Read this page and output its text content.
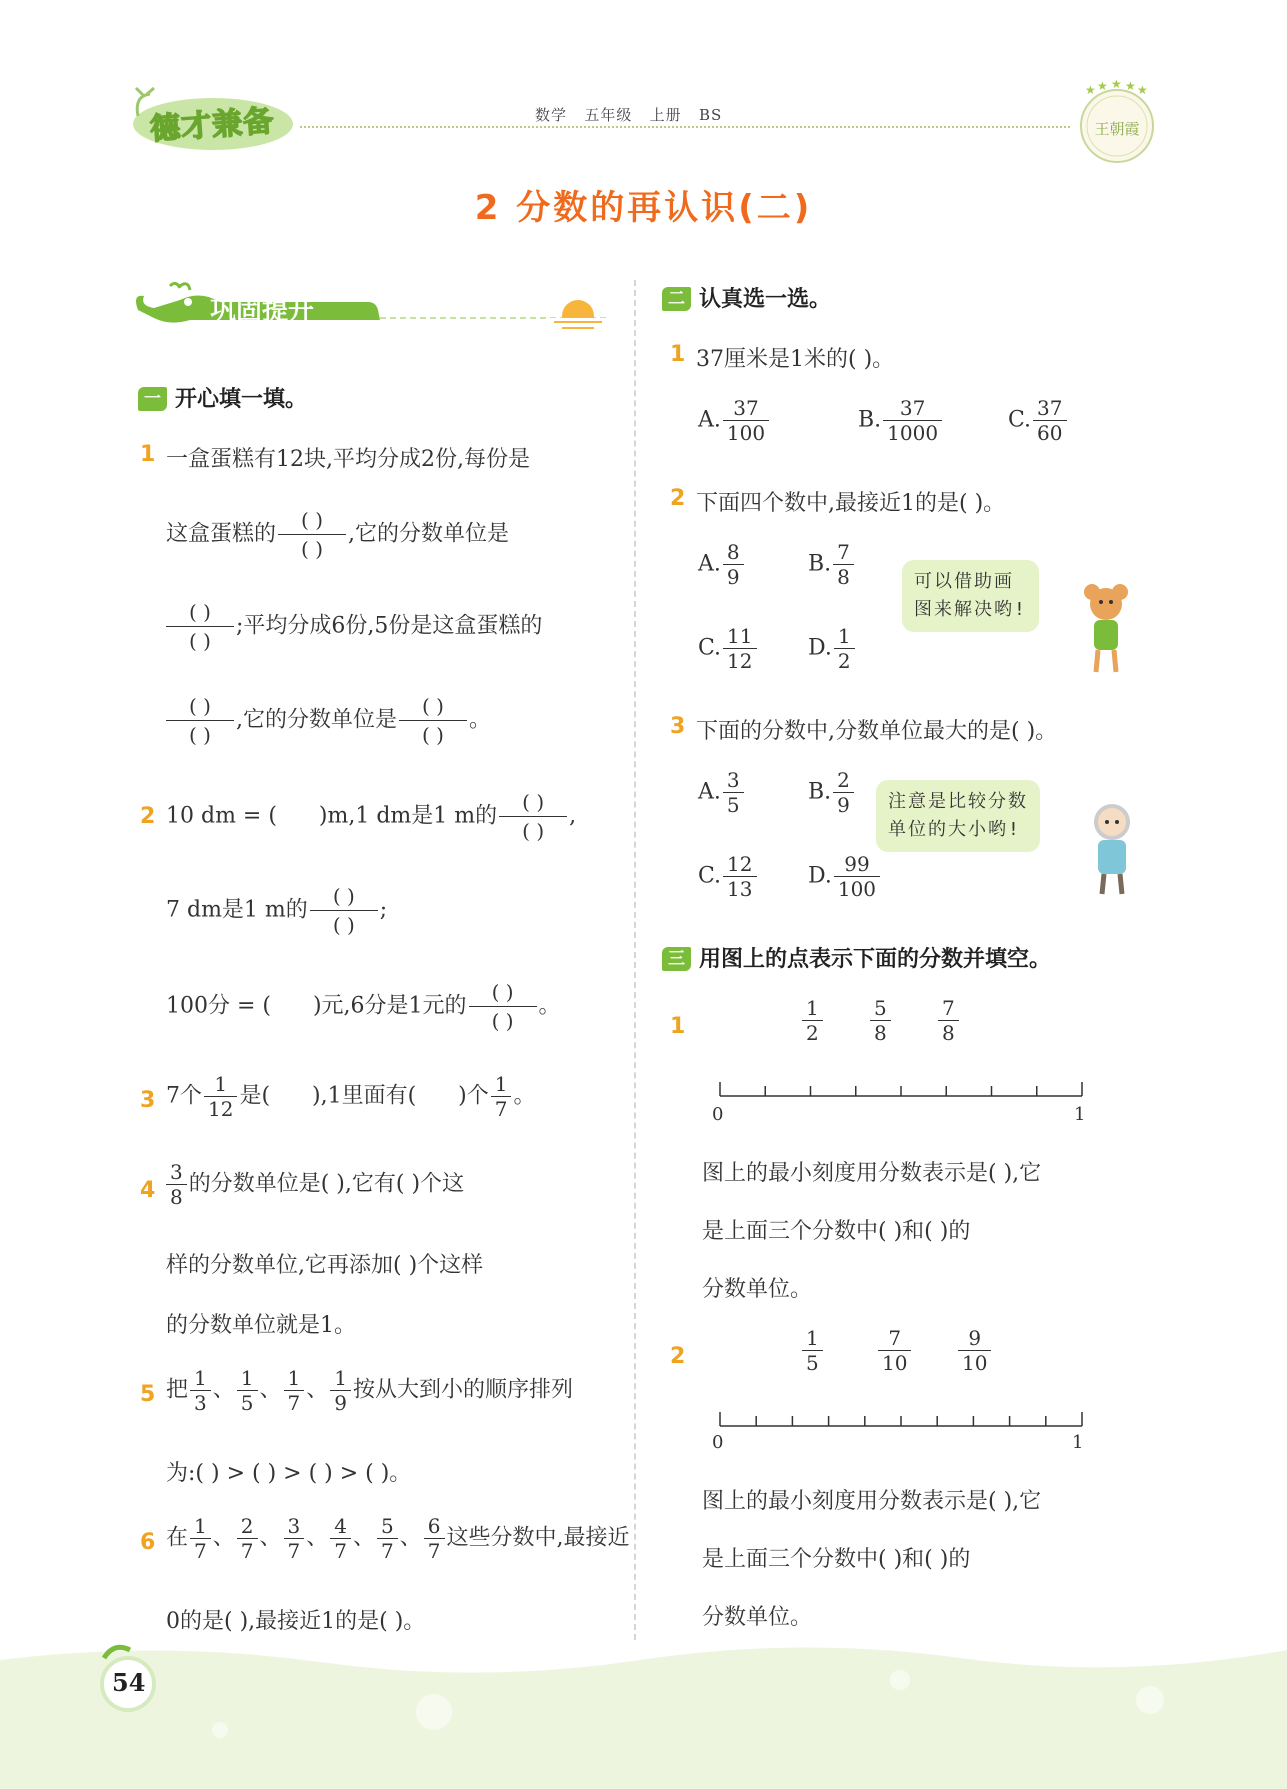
德才兼备	数学 五年级 上册 BS
★ ★ ★ ★ ★
王朝霞
2 分数的再认识(二)
巩固提升
一 开心填一填。
1 一盒蛋糕有12块,平均分成2份,每份是
这盒蛋糕的
( )
( )
,它的分数单位是
( )
( )
;平均分成6份,5份是这盒蛋糕的
( )
( )
,它的分数单位是
( )
( )
。
2 10 dm = ( )m,1 dm是1 m的
( )
( )
,
7 dm是1 m的
( )
( )
;
100分 = ( )元,6分是1元的
( )
( )
。
3 7个 $\frac{1}{12}$ 是( ),1里面有( )个 $\frac{1}{7}$ 。
$4 \frac{3}{8}$ 的分数单位是( ),它有( )个这
样的分数单位,它再添加( )个这样
的分数单位就是1。
5 把 $\frac{1}{3}$ 、 $\frac{1}{5}$ 、 $\frac{1}{7}$ 、 $\frac{1}{9}$ 按从大到小的顺序排列
为:( ) > ( ) > ( ) > ( )。
6 在 $\frac{1}{7}$ 、 $\frac{2}{7}$ 、 $\frac{3}{7}$ 、 $\frac{4}{7}$ 、 $\frac{5}{7}$ 、 $\frac{6}{7}$ 这些分数中,最接近
0的是( ),最接近1的是( )。
二 认真选一选。
1 37厘米是1米的( )。
A. $\frac{37}{100}$	B. $\frac{37}{1000}$	C. $\frac{37}{60}$
2 下面四个数中,最接近1的是( )。
A. $\frac{8}{9}$	B. $\frac{7}{8}$
C. $\frac{11}{12} D$. $\frac{1}{2}$
可以借助画
图来解决哟!
3 下面的分数中,分数单位最大的是( )。
A. $\frac{3}{5}$	B. $\frac{2}{9}$
C. $\frac{12}{13} D$. $\frac{99}{100}$
注意是比较分数
单位的大小哟!
三 用图上的点表示下面的分数并填空。
1	$\frac{1}{2} \frac{5}{8} \frac{7}{8}$
0	1
图上的最小刻度用分数表示是( ),它
是上面三个分数中( )和( )的
分数单位。
2	$\frac{1}{5}$	$\frac{7}{10} \frac{9}{10}$
0	1
图上的最小刻度用分数表示是( ),它
是上面三个分数中( )和( )的
分数单位。
54
